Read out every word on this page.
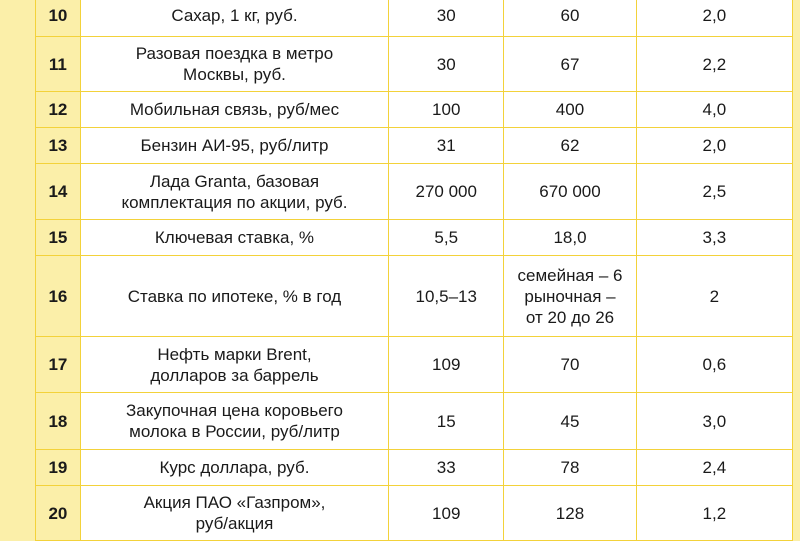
10	Сахар, 1 кг, руб.	30	60	2,0
11	Разовая поездка в метро
Москвы, руб.	30	67	2,2
12	Мобильная связь, руб/мес	100	400	4,0
13	Бензин АИ-95, руб/литр	31	62	2,0
14	Лада Granta, базовая
комплектация по акции, руб.	270 000	670 000	2,5
15	Ключевая ставка, %	5,5	18,0	3,3
16	Ставка по ипотеке, % в год	10,5–13	семейная – 6
рыночная –
от 20 до 26	2
17	Нефть марки Brent,
долларов за баррель	109	70	0,6
18	Закупочная цена коровьего
молока в России, руб/литр	15	45	3,0
19	Курс доллара, руб.	33	78	2,4
20	Акция ПАО «Газпром»,
руб/акция	109	128	1,2
